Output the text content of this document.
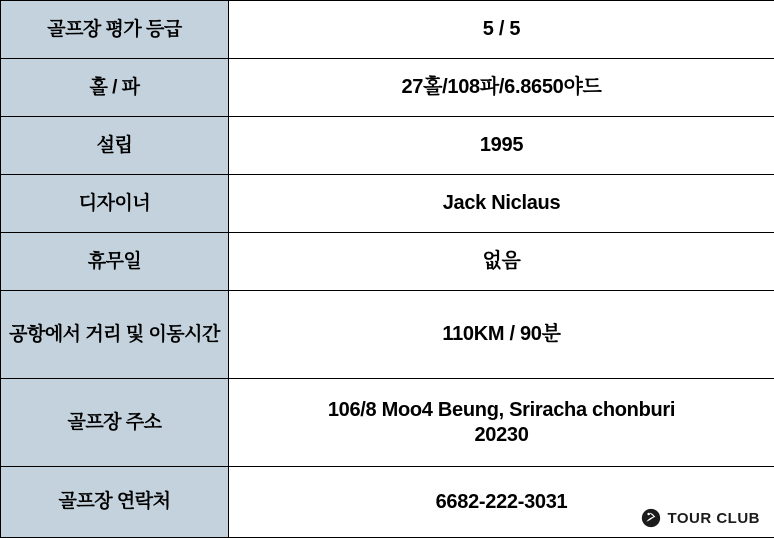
골프장 평가 등급	5 / 5

홀 / 파	27홀/108파/6.8650야드

설립	1995

디자이너	Jack Niclaus

휴무일	없음

공항에서 거리 및 이동시간	110KM / 90분

골프장 주소	106/8 Moo4 Beung, Sriracha chonburi
20230

골프장 연락처	6682-222-3031
TOUR CLUB
